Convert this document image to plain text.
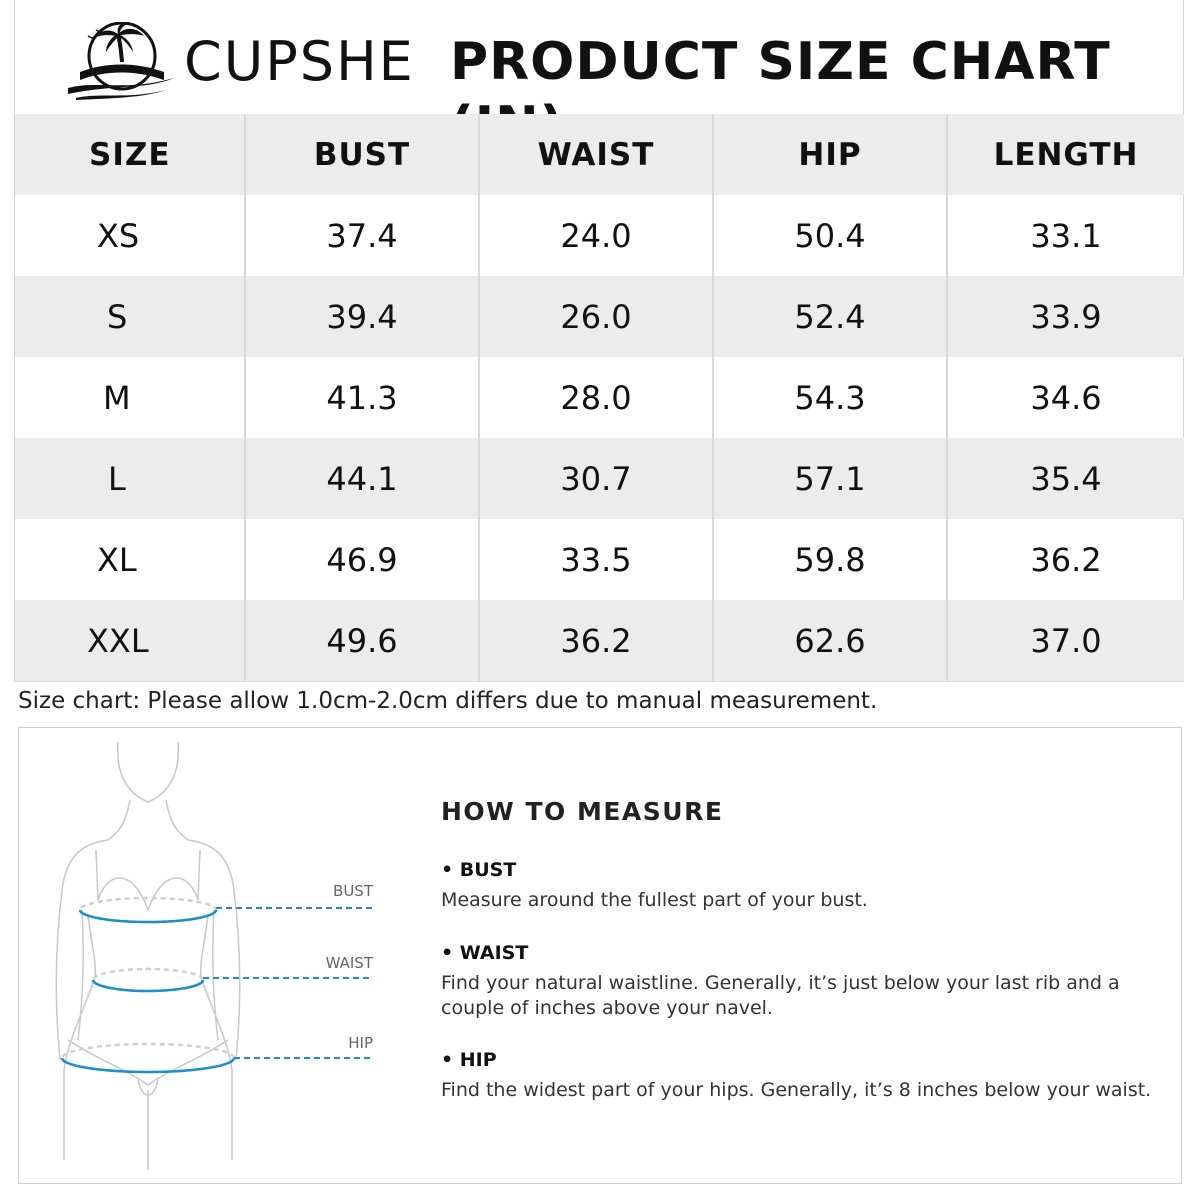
CUPSHE PRODUCT SIZE CHART
SIZE	BUST	WAIST	HIP	LENGTH
XS	37.4	24.0	50.4	33.1
S	39.4	26.0	52.4	33.9
M	41.3	28.0	54.3	34.6
L	44.1	30.7	57.1	35.4
XL	46.9	33.5	59.8	36.2
XXL	49.6	36.2	62.6	37.0
Size chart: Please allow 1.0cm-2.0cm differs due to manual measurement.
BUST
WAIST
HIP
HOW TO MEASURE
• BUST
Measure around the fullest part of your bust.
• WAIST
Find your natural waistline. Generally, it’s just below your last rib and a couple of inches above your navel.
• HIP
Find the widest part of your hips. Generally, it’s 8 inches below your waist.
